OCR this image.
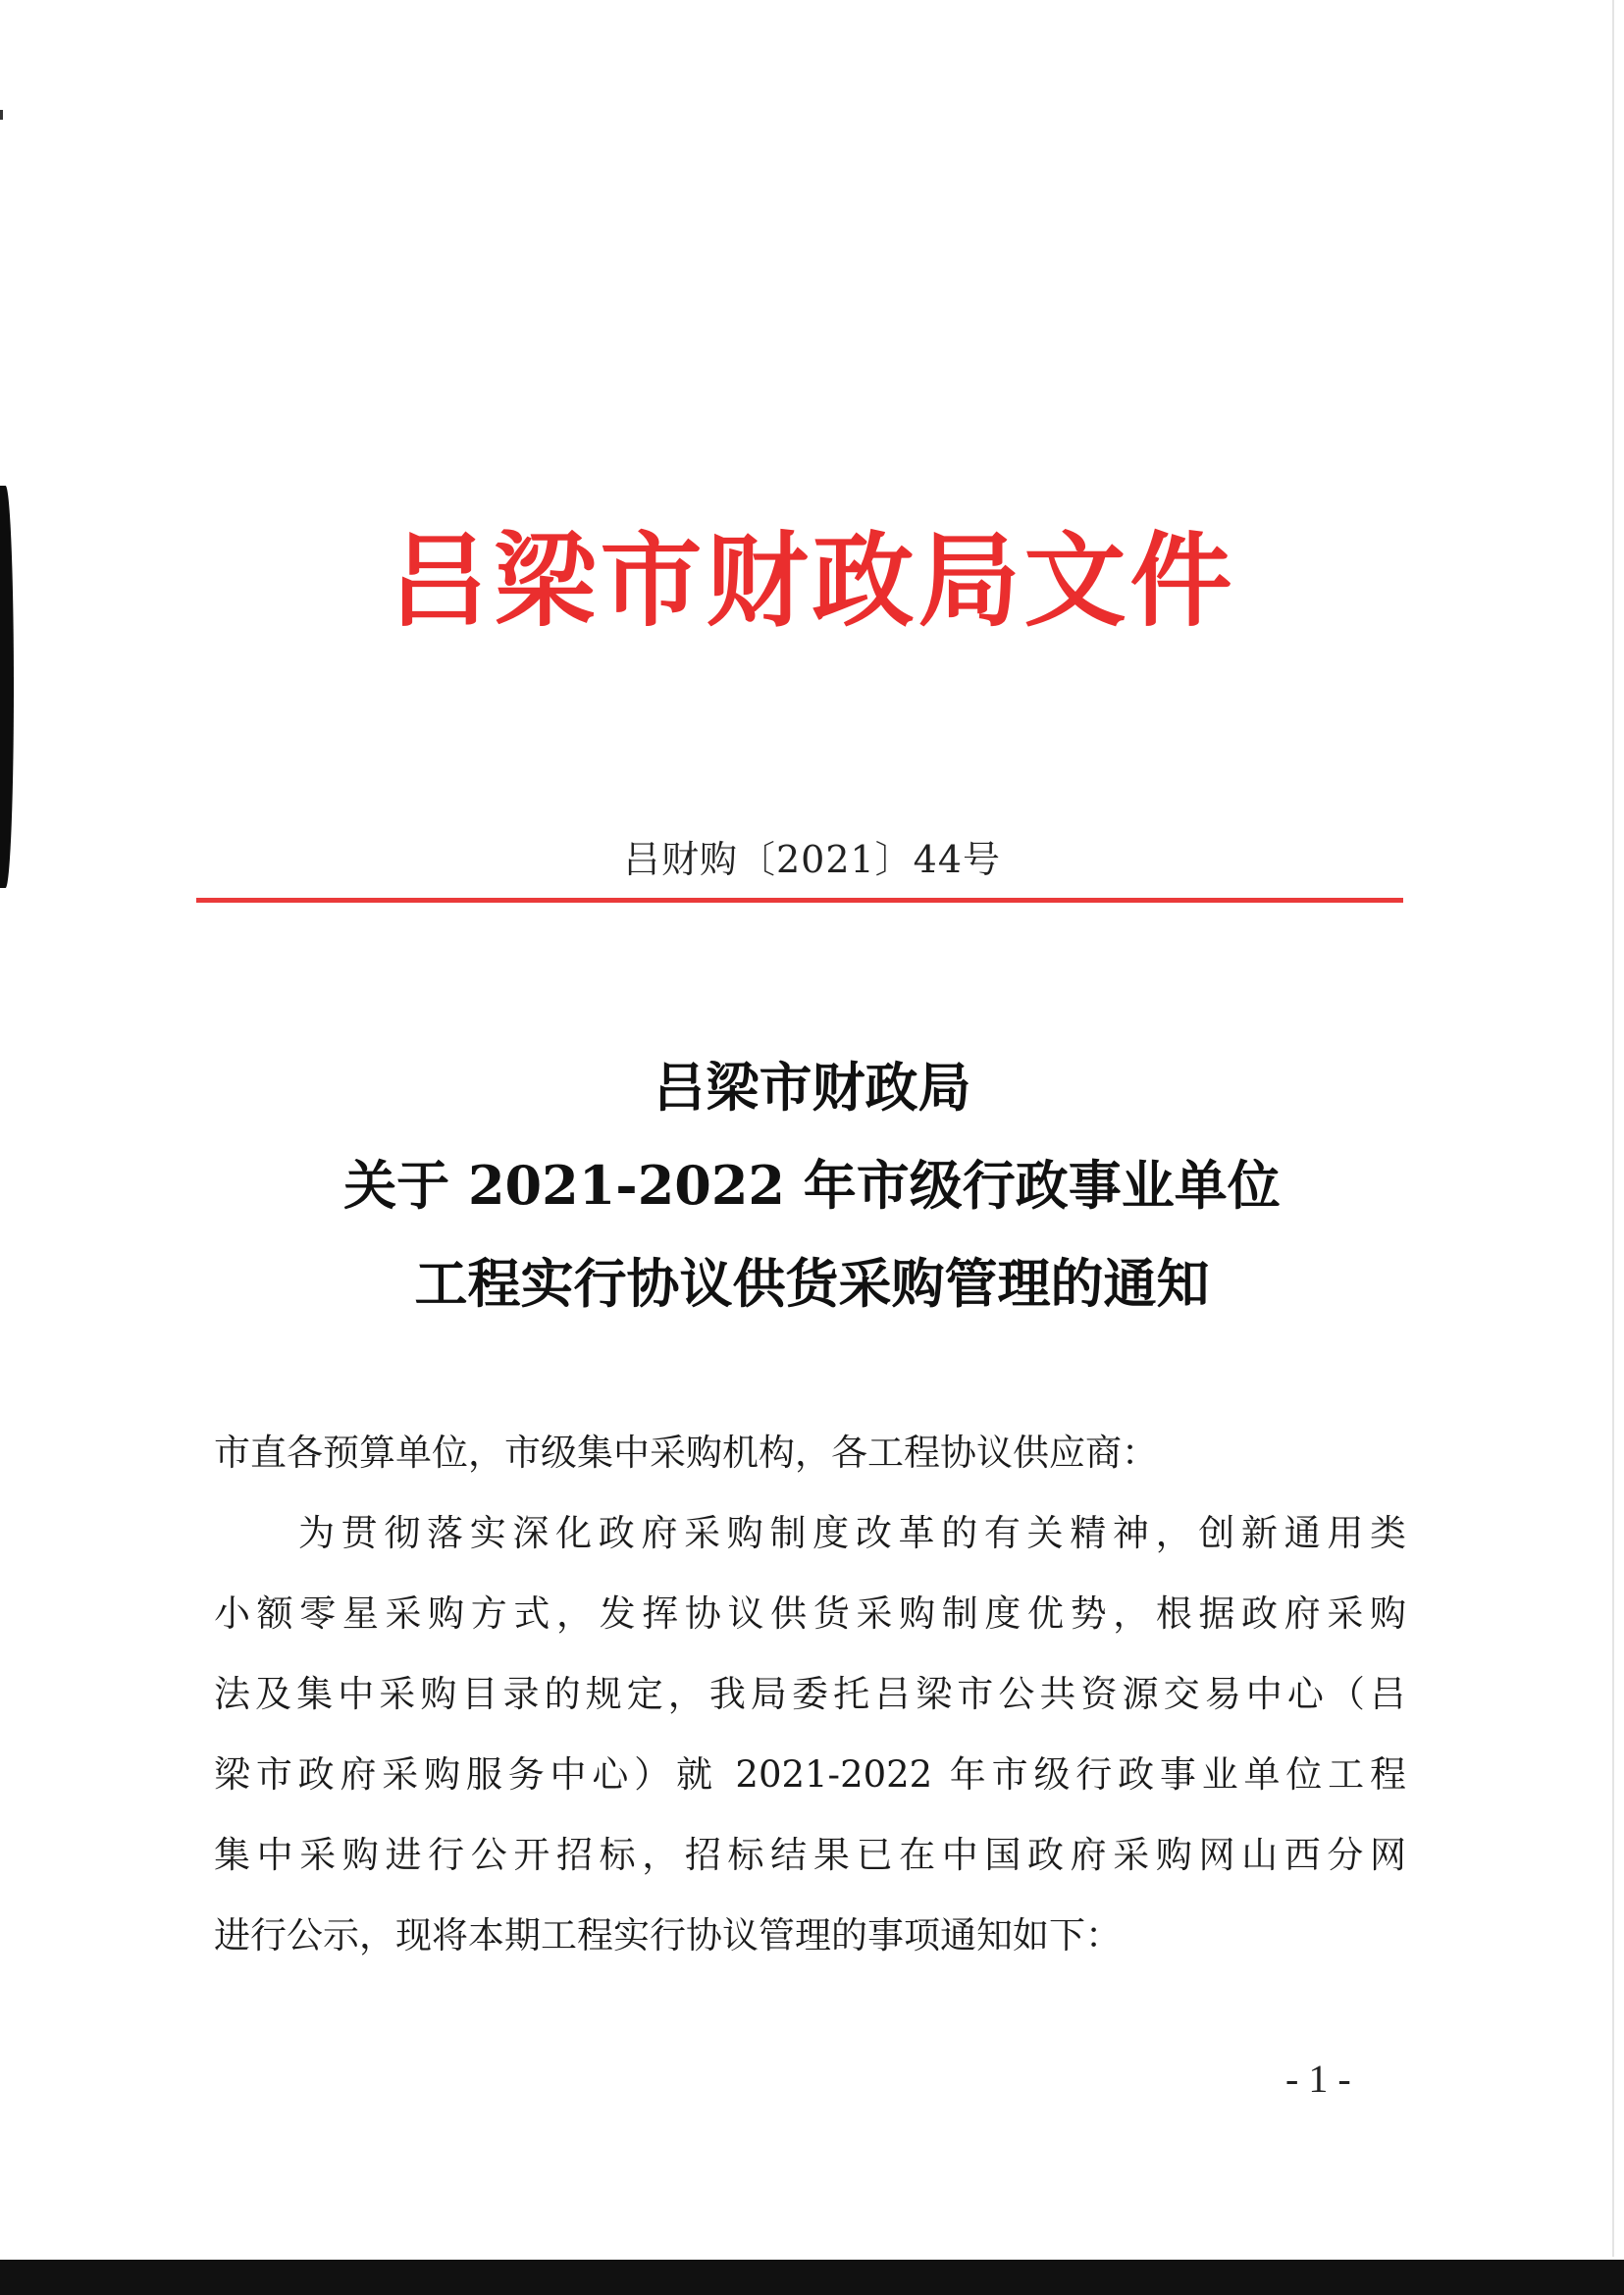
吕梁市财政局文件
吕财购〔2021〕44号
吕梁市财政局
关于 2021-2022 年市级行政事业单位
工程实行协议供货采购管理的通知
市直各预算单位，市级集中采购机构，各工程协议供应商：
为贯彻落实深化政府采购制度改革的有关精神，创新通用类
小额零星采购方式，发挥协议供货采购制度优势，根据政府采购
法及集中采购目录的规定，我局委托吕梁市公共资源交易中心（吕
梁市政府采购服务中心）就 2021-2022 年市级行政事业单位工程
集中采购进行公开招标，招标结果已在中国政府采购网山西分网
进行公示，现将本期工程实行协议管理的事项通知如下：
- 1 -
